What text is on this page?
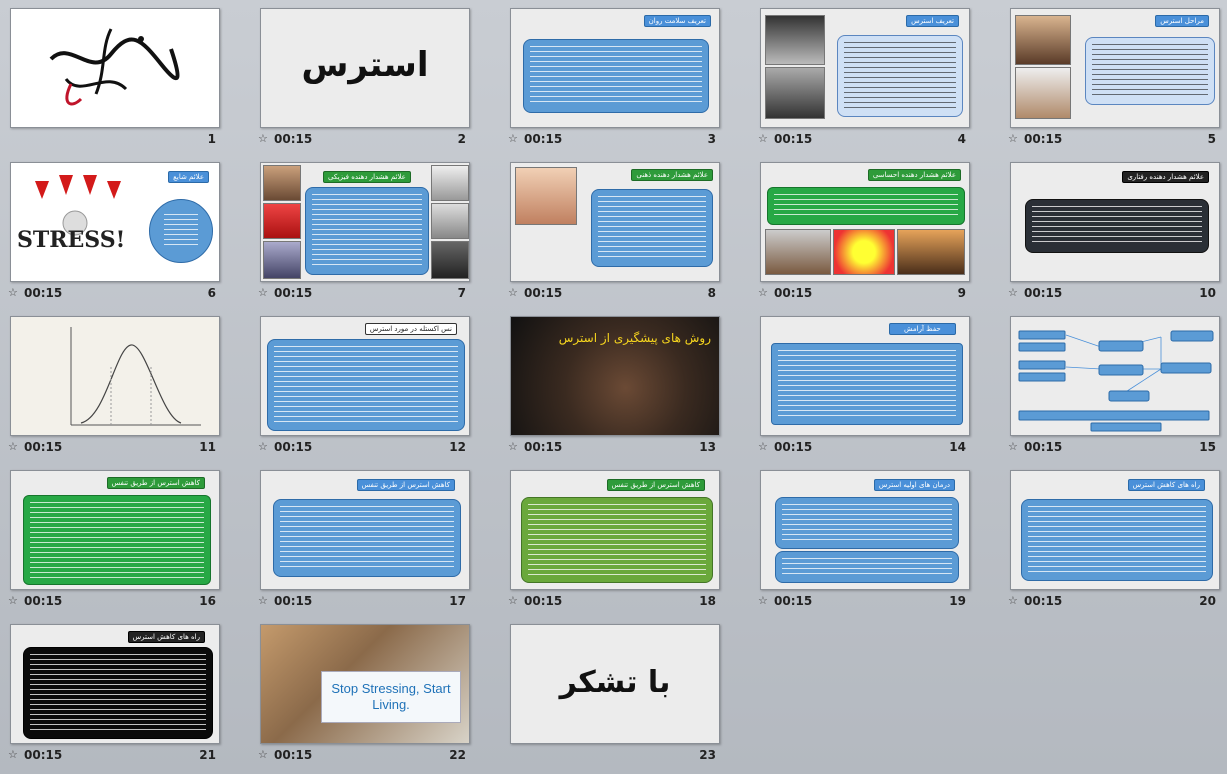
1
استرس
☆ 00:15	2
تعریف سلامت روان
☆ 00:15	3
تعریف استرس
☆ 00:15	4
مراحل استرس
☆ 00:15	5
STRESS!
علائم شایع
☆ 00:15	6
علائم هشدار دهنده فیزیکی
☆ 00:15	7
علائم هشدار دهنده ذهنی
☆ 00:15	8
علائم هشدار دهنده احساسی
☆ 00:15	9
علائم هشدار دهنده رفتاری
☆ 00:15	10
☆ 00:15	11
نس اکستله در مورد استرس
☆ 00:15	12
روش های پیشگیری از استرس
☆ 00:15	13
حفظ آرامش
☆ 00:15	14	☆ 00:15	15
کاهش استرس از طریق تنفس
☆ 00:15	16
کاهش استرس از طریق تنفس
☆ 00:15	17
کاهش استرس از طریق تنفس
☆ 00:15	18
درمان های اولیه استرس
☆ 00:15	19
راه های کاهش استرس
☆ 00:15	20
راه های کاهش استرس
☆ 00:15	21
Stop Stressing, Start Living.
☆ 00:15	22
با تشکر
23
